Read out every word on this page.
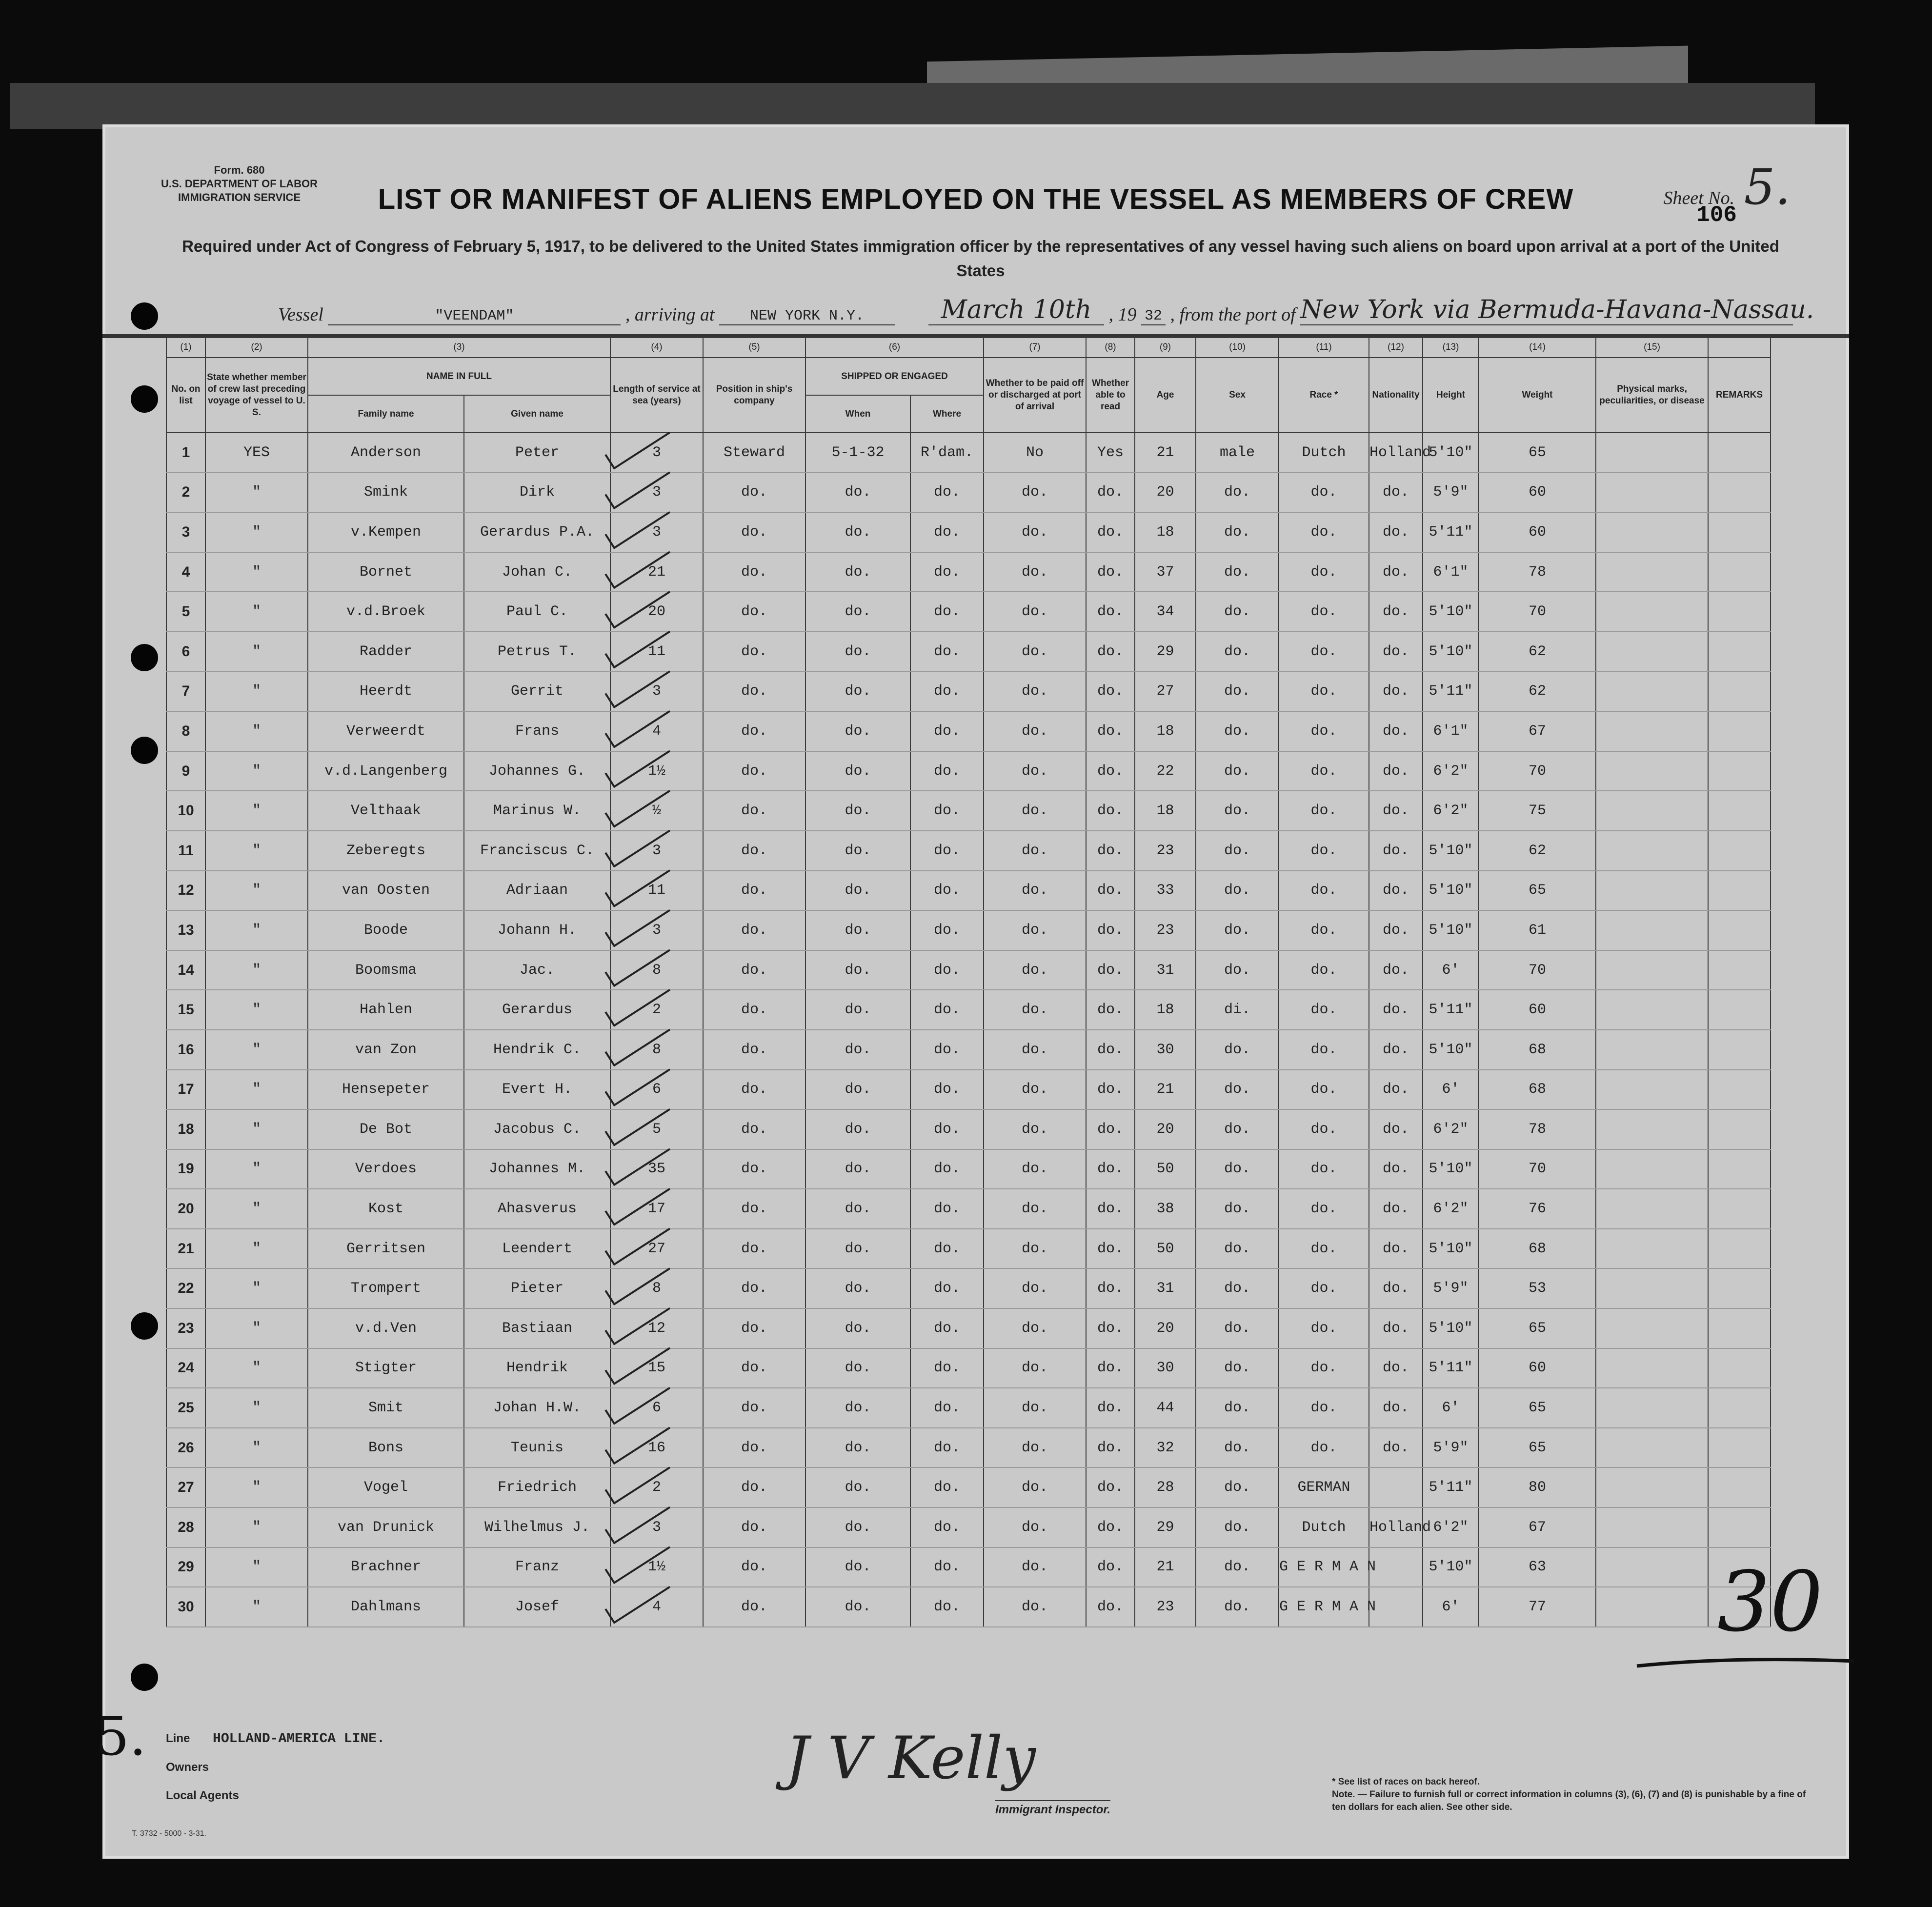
Form. 680
U.S. DEPARTMENT OF LABOR
IMMIGRATION SERVICE	Sheet No. 5.
106
LIST OR MANIFEST OF ALIENS EMPLOYED ON THE VESSEL AS MEMBERS OF CREW
Required under Act of Congress of February 5, 1917, to be delivered to the United States immigration officer by the representatives of any vessel having such aliens on board upon arrival at a port of the United States
Vessel	"VEENDAM"	, arriving at NEW YORK N.Y.	March 10th , 19 32 , from the port of New York via Bermuda-Havana-Nassau.
(1)	(2)	(3)		(4)	(5)	(6)		(7)	(8)	(9)	(10)	(11)	(12)	(13)	(14)	(15)	
No. on list	State whether member of crew last preceding voyage of vessel to U. S.	NAME IN FULL		Length of service at sea (years)	Position in ship's company	SHIPPED OR ENGAGED		Whether to be paid off or discharged at port of arrival	Whether able to read	Age	Sex	Race *	Nationality	Height	Weight	Physical marks, peculiarities, or disease	REMARKS
		Family name	Given name			When	Where										
1	YES	Anderson	Peter	3	Steward	5-1-32	R'dam.	No	Yes	21	male	Dutch	Holland	5'10"	65		
2	"	Smink	Dirk	3	do.	do.	do.	do.	do.	20	do.	do.	do.	5'9"	60		
3	"	v.Kempen	Gerardus P.A.	3	do.	do.	do.	do.	do.	18	do.	do.	do.	5'11"	60		
4	"	Bornet	Johan C.	21	do.	do.	do.	do.	do.	37	do.	do.	do.	6'1"	78		
5	"	v.d.Broek	Paul C.	20	do.	do.	do.	do.	do.	34	do.	do.	do.	5'10"	70		
6	"	Radder	Petrus T.	11	do.	do.	do.	do.	do.	29	do.	do.	do.	5'10"	62		
7	"	Heerdt	Gerrit	3	do.	do.	do.	do.	do.	27	do.	do.	do.	5'11"	62		
8	"	Verweerdt	Frans	4	do.	do.	do.	do.	do.	18	do.	do.	do.	6'1"	67		
9	"	v.d.Langenberg	Johannes G.	1½	do.	do.	do.	do.	do.	22	do.	do.	do.	6'2"	70		
10	"	Velthaak	Marinus W.	½	do.	do.	do.	do.	do.	18	do.	do.	do.	6'2"	75		
11	"	Zeberegts	Franciscus C.	3	do.	do.	do.	do.	do.	23	do.	do.	do.	5'10"	62		
12	"	van Oosten	Adriaan	11	do.	do.	do.	do.	do.	33	do.	do.	do.	5'10"	65		
13	"	Boode	Johann H.	3	do.	do.	do.	do.	do.	23	do.	do.	do.	5'10"	61		
14	"	Boomsma	Jac.	8	do.	do.	do.	do.	do.	31	do.	do.	do.	6'	70		
15	"	Hahlen	Gerardus	2	do.	do.	do.	do.	do.	18	di.	do.	do.	5'11"	60		
16	"	van Zon	Hendrik C.	8	do.	do.	do.	do.	do.	30	do.	do.	do.	5'10"	68		
17	"	Hensepeter	Evert H.	6	do.	do.	do.	do.	do.	21	do.	do.	do.	6'	68		
18	"	De Bot	Jacobus C.	5	do.	do.	do.	do.	do.	20	do.	do.	do.	6'2"	78		
19	"	Verdoes	Johannes M.	35	do.	do.	do.	do.	do.	50	do.	do.	do.	5'10"	70		
20	"	Kost	Ahasverus	17	do.	do.	do.	do.	do.	38	do.	do.	do.	6'2"	76		
21	"	Gerritsen	Leendert	27	do.	do.	do.	do.	do.	50	do.	do.	do.	5'10"	68		
22	"	Trompert	Pieter	8	do.	do.	do.	do.	do.	31	do.	do.	do.	5'9"	53		
23	"	v.d.Ven	Bastiaan	12	do.	do.	do.	do.	do.	20	do.	do.	do.	5'10"	65		
24	"	Stigter	Hendrik	15	do.	do.	do.	do.	do.	30	do.	do.	do.	5'11"	60		
25	"	Smit	Johan H.W.	6	do.	do.	do.	do.	do.	44	do.	do.	do.	6'	65		
26	"	Bons	Teunis	16	do.	do.	do.	do.	do.	32	do.	do.	do.	5'9"	65		
27	"	Vogel	Friedrich	2	do.	do.	do.	do.	do.	28	do.	GERMAN		5'11"	80		
28	"	van Drunick	Wilhelmus J.	3	do.	do.	do.	do.	do.	29	do.	Dutch	Holland	6'2"	67		
29	"	Brachner	Franz	1½	do.	do.	do.	do.	do.	21	do.	G E R M A N		5'10"	63		
30	"	Dahlmans	Josef	4	do.	do.	do.	do.	do.	23	do.	G E R M A N		6'	77		30
5. Line HOLLAND-AMERICA LINE.
Owners
Local Agents
J V Kelly
Immigrant Inspector.
* See list of races on back hereof.
Note. — Failure to furnish full or correct information in columns (3), (6), (7) and (8) is punishable by a fine of ten dollars for each alien. See other side.
T. 3732 - 5000 - 3-31.
